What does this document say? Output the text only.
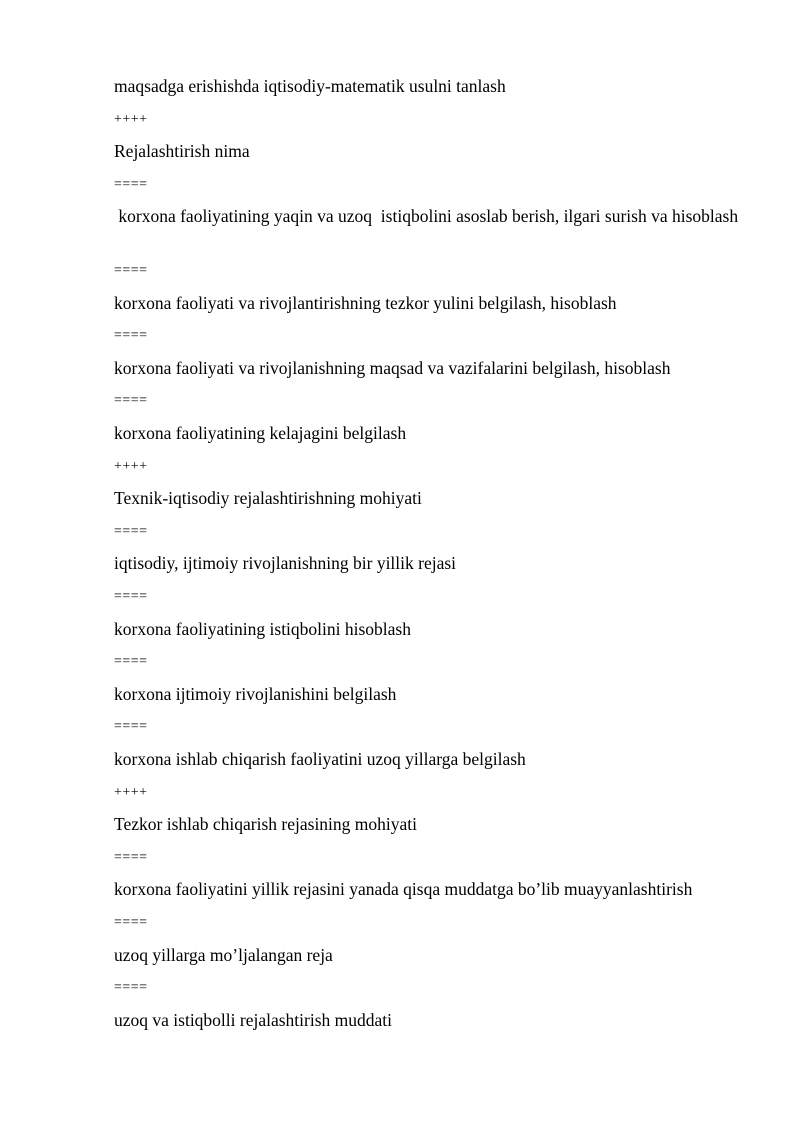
maqsadga erishishda iqtisodiy-matematik usulni tanlash

++++

Rejalashtirish nima

====

korxona faoliyatining yaqin va uzoq  istiqbolini asoslab berish, ilgari surish va hisoblash

====

korxona faoliyati va rivojlantirishning tezkor yulini belgilash, hisoblash

====

korxona faoliyati va rivojlanishning maqsad va vazifalarini belgilash, hisoblash

====

korxona faoliyatining kelajagini belgilash

++++

Texnik-iqtisodiy rejalashtirishning mohiyati

====

iqtisodiy, ijtimoiy rivojlanishning bir yillik rejasi

====

korxona faoliyatining istiqbolini hisoblash

====

korxona ijtimoiy rivojlanishini belgilash

====

korxona ishlab chiqarish faoliyatini uzoq yillarga belgilash

++++

Tezkor ishlab chiqarish rejasining mohiyati

====

korxona faoliyatini yillik rejasini yanada qisqa muddatga bo’lib muayyanlashtirish

====

uzoq yillarga mo’ljalangan reja

====

uzoq va istiqbolli rejalashtirish muddati
